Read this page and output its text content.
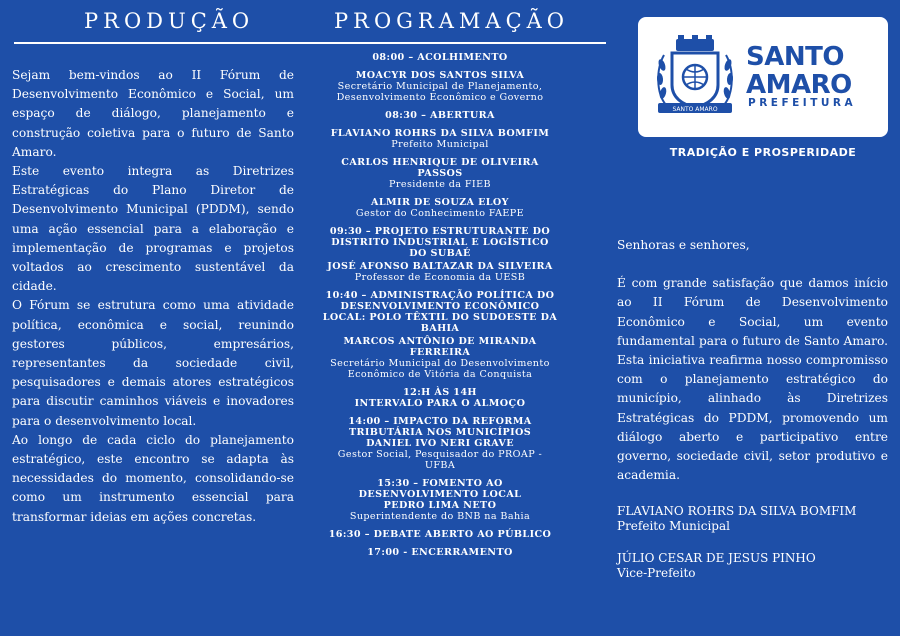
PRODUÇÃO	PROGRAMAÇÃO

Sejam bem-vindos ao II Fórum de Desenvolvimento Econômico e Social, um espaço de diálogo, planejamento e construção coletiva para o futuro de Santo Amaro.

Este evento integra as Diretrizes Estratégicas do Plano Diretor de Desenvolvimento Municipal (PDDM), sendo uma ação essencial para a elaboração e implementação de programas e projetos voltados ao crescimento sustentável da cidade.

O Fórum se estrutura como uma atividade política, econômica e social, reunindo gestores públicos, empresários, representantes da sociedade civil, pesquisadores e demais atores estratégicos para discutir caminhos viáveis e inovadores para o desenvolvimento local.

Ao longo de cada ciclo do planejamento estratégico, este encontro se adapta às necessidades do momento, consolidando-se como um instrumento essencial para transformar ideias em ações concretas.

08:00 – ACOLHIMENTO
MOACYR DOS SANTOS SILVA
Secretário Municipal de Planejamento, Desenvolvimento Econômico e Governo
08:30 – ABERTURA
FLAVIANO ROHRS DA SILVA BOMFIM
Prefeito Municipal
CARLOS HENRIQUE DE OLIVEIRA PASSOS
Presidente da FIEB
ALMIR DE SOUZA ELOY
Gestor do Conhecimento FAEPE
09:30 – PROJETO ESTRUTURANTE DO DISTRITO INDUSTRIAL E LOGÍSTICO DO SUBAÉ
JOSÉ AFONSO BALTAZAR DA SILVEIRA
Professor de Economia da UESB
10:40 – ADMINISTRAÇÃO POLÍTICA DO DESENVOLVIMENTO ECONÔMICO LOCAL: POLO TÊXTIL DO SUDOESTE DA BAHIA
MARCOS ANTÔNIO DE MIRANDA FERREIRA
Secretário Municipal do Desenvolvimento Econômico de Vitória da Conquista
12:H ÀS 14H
INTERVALO PARA O ALMOÇO
14:00 – IMPACTO DA REFORMA TRIBUTÁRIA NOS MUNICÍPIOS
DANIEL IVO NERI GRAVE
Gestor Social, Pesquisador do PROAP - UFBA
15:30 – FOMENTO AO DESENVOLVIMENTO LOCAL
PEDRO LIMA NETO
Superintendente do BNB na Bahia
16:30 – DEBATE ABERTO AO PÚBLICO
17:00 - ENCERRAMENTO
SANTO AMARO
SANTO
AMARO
PREFEITURA
TRADIÇÃO E PROSPERIDADE

Senhoras e senhores,

É com grande satisfação que damos início ao II Fórum de Desenvolvimento Econômico e Social, um evento fundamental para o futuro de Santo Amaro. Esta iniciativa reafirma nosso compromisso com o planejamento estratégico do município, alinhado às Diretrizes Estratégicas do PDDM, promovendo um diálogo aberto e participativo entre governo, sociedade civil, setor produtivo e academia.

FLAVIANO ROHRS DA SILVA BOMFIM

Prefeito Municipal

JÚLIO CESAR DE JESUS PINHO

Vice-Prefeito
